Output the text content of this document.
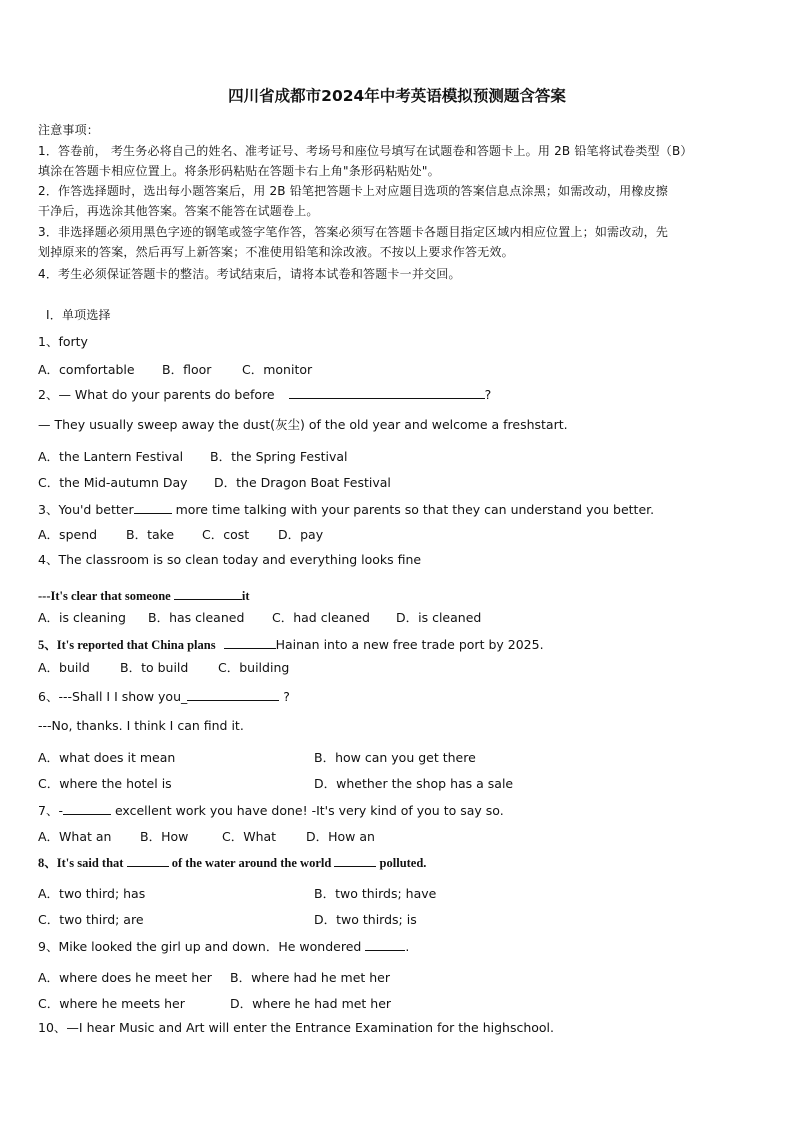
四川省成都市2024年中考英语模拟预测题含答案
注意事项：
1．答卷前， 考生务必将自己的姓名、准考证号、考场号和座位号填写在试题卷和答题卡上。用 2B 铅笔将试卷类型（B）
填涂在答题卡相应位置上。将条形码粘贴在答题卡右上角"条形码粘贴处"。
2．作答选择题时，选出每小题答案后，用 2B 铅笔把答题卡上对应题目选项的答案信息点涂黑；如需改动，用橡皮擦
干净后，再选涂其他答案。答案不能答在试题卷上。
3．非选择题必须用黑色字迹的钢笔或签字笔作答，答案必须写在答题卡各题目指定区域内相应位置上；如需改动，先
划掉原来的答案，然后再写上新答案；不准使用铅笔和涂改液。不按以上要求作答无效。
4．考生必须保证答题卡的整洁。考试结束后，请将本试卷和答题卡一并交回。
Ⅰ．单项选择
1、forty
A．comfortable B．floor C．monitor
2、— What do your parents do before	?
— They usually sweep away the dust(灰尘) of the old year and welcome a freshstart.
A．the Lantern Festival B．the Spring Festival
C．the Mid-autumn Day D．the Dragon Boat Festival
3、You'd better	more time talking with your parents so that they can understand you better.
A．spend B．take C．cost D．pay
4、The classroom is so clean today and everything looks fine
---It's clear that someone	it
A．is cleaning B．has cleaned C．had cleaned D．is cleaned
5、It's reported that China plans	Hainan into a new free trade port by 2025.
A．build B．to build C．building
6、---Shall I I show you_	?
---No, thanks. I think I can find it.
A．what does it mean	B．how can you get there
C．where the hotel is	D．whether the shop has a sale
7、-	excellent work you have done! -It's very kind of you to say so.
A．What an B．How	C．What D．How an
8、It's said that	of the water around the world	polluted.
A．two third; has	B．two thirds; have
C．two third; are	D．two thirds; is
9、Mike looked the girl up and down．He wondered	.
A．where does he meet her B．where had he met her
C．where he meets her	D．where he had met her
10、—I hear Music and Art will enter the Entrance Examination for the highschool.
